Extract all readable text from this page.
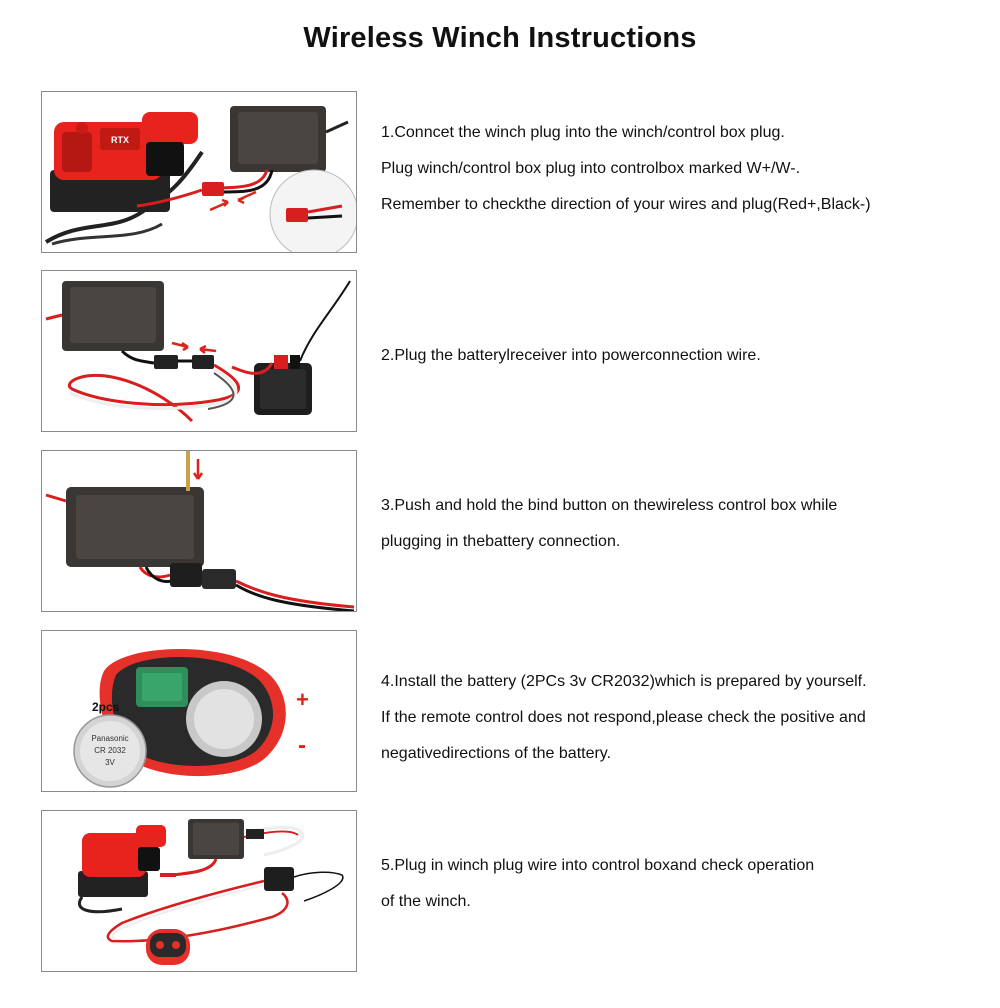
Wireless Winch Instructions
RTX	1.Conncet the winch plug into the winch/control box plug.

Plug winch/control box plug into controlbox marked W+/W-.

Remember to checkthe direction of your wires and plug(Red+,Black-)

2.Plug the batterylreceiver into powerconnection wire.

3.Push and hold the bind button on thewireless control box while

plugging in thebattery connection.

2pcs
Panasonic
CR 2032
3V
+
-

4.Install the battery (2PCs 3v CR2032)which is prepared by yourself.

If the remote control does not respond,please check the positive and

negativedirections of the battery.

5.Plug in winch plug wire into control boxand check operation

of the winch.
